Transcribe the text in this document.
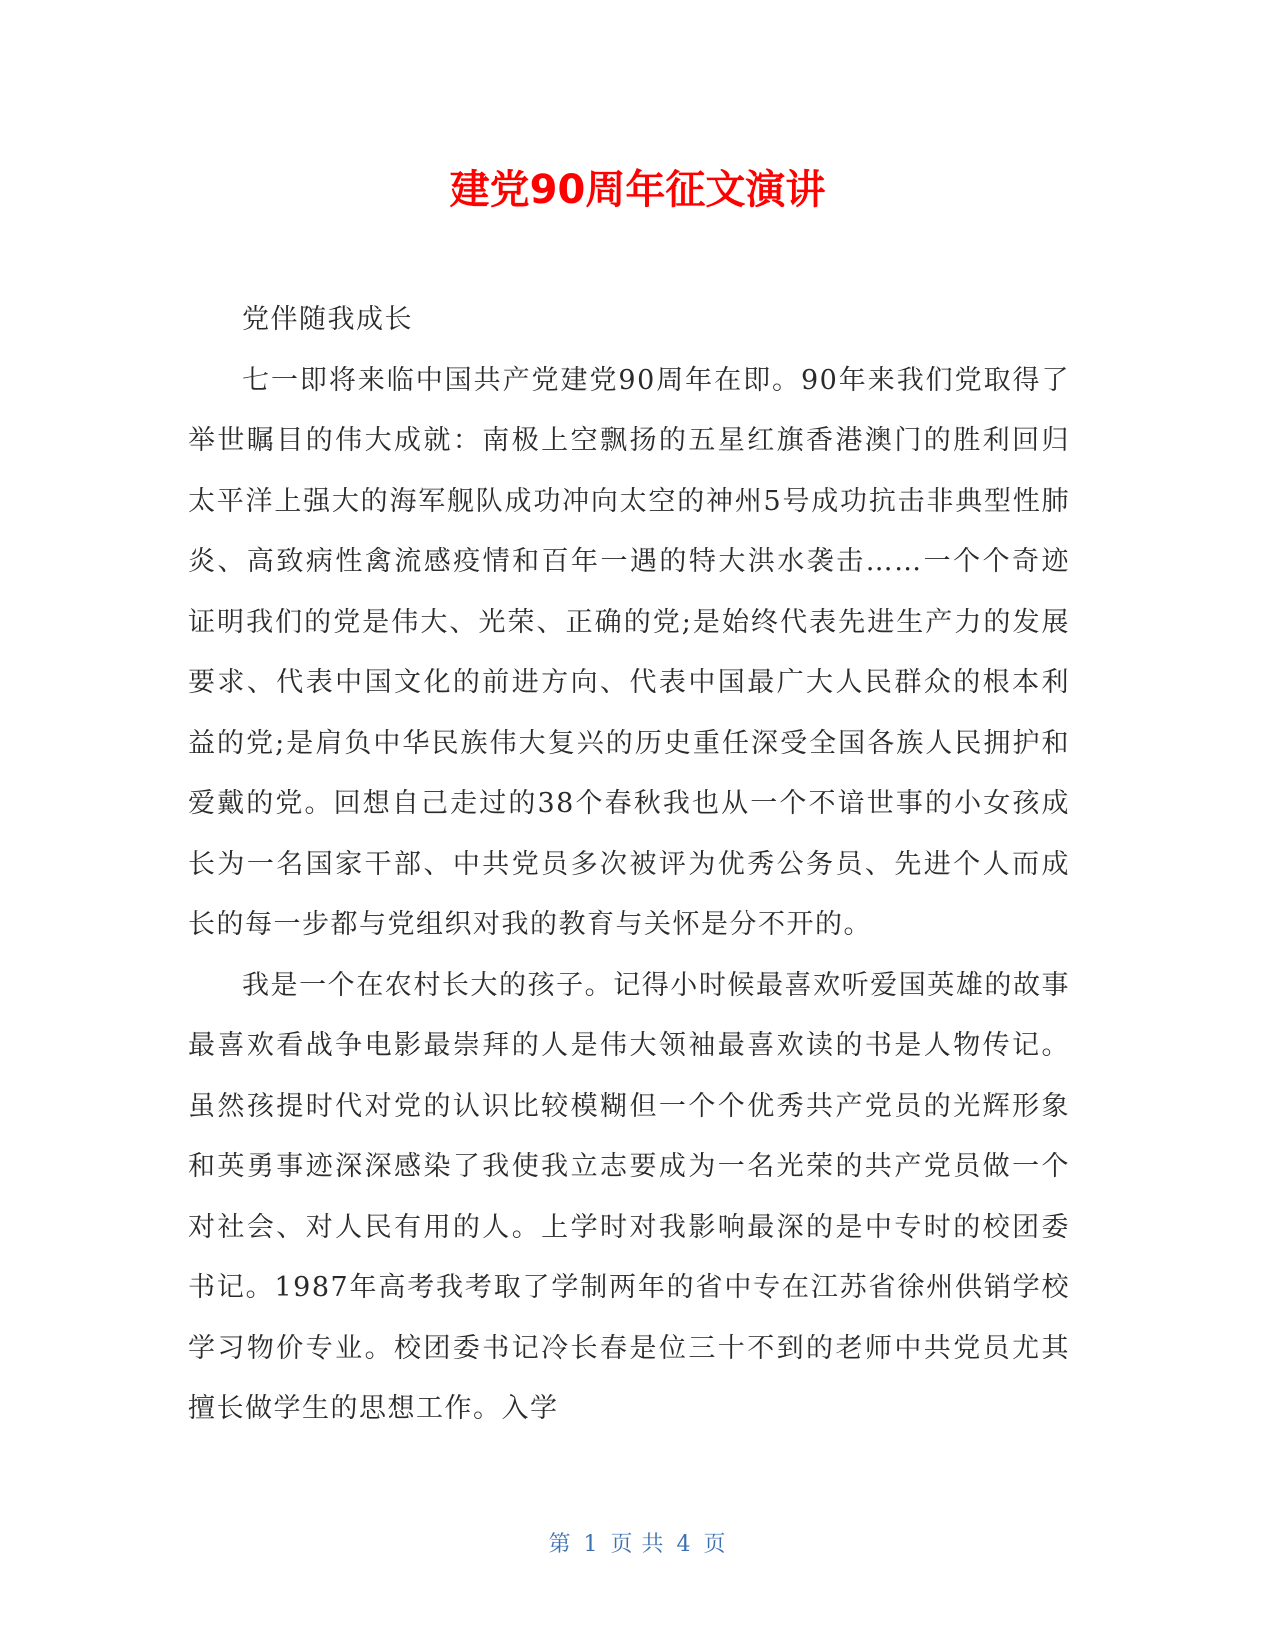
建党90周年征文演讲

党伴随我成长

七一即将来临中国共产党建党90周年在即。90年来我们党取得了举世瞩目的伟大成就：南极上空飘扬的五星红旗香港澳门的胜利回归太平洋上强大的海军舰队成功冲向太空的神州5号成功抗击非典型性肺炎、高致病性禽流感疫情和百年一遇的特大洪水袭击……一个个奇迹证明我们的党是伟大、光荣、正确的党;是始终代表先进生产力的发展要求、代表中国文化的前进方向、代表中国最广大人民群众的根本利益的党;是肩负中华民族伟大复兴的历史重任深受全国各族人民拥护和爱戴的党。回想自己走过的38个春秋我也从一个不谙世事的小女孩成长为一名国家干部、中共党员多次被评为优秀公务员、先进个人而成长的每一步都与党组织对我的教育与关怀是分不开的。

我是一个在农村长大的孩子。记得小时候最喜欢听爱国英雄的故事最喜欢看战争电影最崇拜的人是伟大领袖最喜欢读的书是人物传记。虽然孩提时代对党的认识比较模糊但一个个优秀共产党员的光辉形象和英勇事迹深深感染了我使我立志要成为一名光荣的共产党员做一个对社会、对人民有用的人。上学时对我影响最深的是中专时的校团委书记。1987年高考我考取了学制两年的省中专在江苏省徐州供销学校学习物价专业。校团委书记冷长春是位三十不到的老师中共党员尤其擅长做学生的思想工作。入学

第 1 页 共 4 页
